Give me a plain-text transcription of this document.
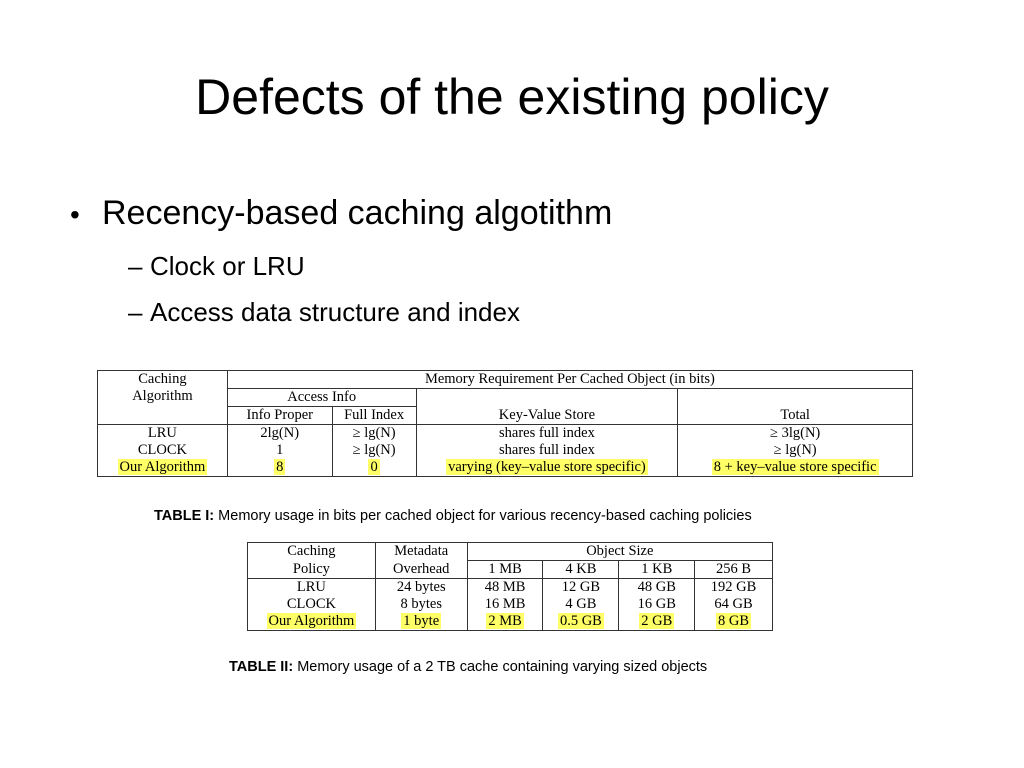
Defects of the existing policy
• Recency-based caching algotithm
– Clock or LRU
– Access data structure and index
Caching
Algorithm	Memory Requirement Per Cached Object (in bits)			
	Access Info		Key-Value Store	Total
	Info Proper	Full Index		
LRU	2lg(N)	≥ lg(N)	shares full index	≥ 3lg(N)
CLOCK	1	≥ lg(N)	shares full index	≥ lg(N)
Our Algorithm	8	0	varying (key–value store specific)	8 + key–value store specific
TABLE I: Memory usage in bits per cached object for various recency-based caching policies
Caching	Metadata	Object Size			
Policy	Overhead	1 MB	4 KB	1 KB	256 B
LRU	24 bytes	48 MB	12 GB	48 GB	192 GB
CLOCK	8 bytes	16 MB	4 GB	16 GB	64 GB
Our Algorithm	1 byte	2 MB	0.5 GB	2 GB	8 GB
TABLE II: Memory usage of a 2 TB cache containing varying sized objects
